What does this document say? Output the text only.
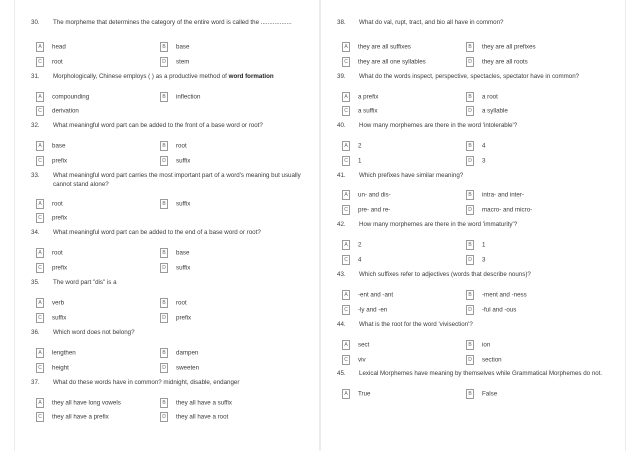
30.	The morpheme that determines the category of the entire word is called the ..................
A head	B base
C root	D stem
31.	Morphologically, Chinese employs ( ) as a productive method of word formation
A compounding	B inflection
C derivation
32.	What meaningful word part can be added to the front of a base word or root?
A base	B root
C prefix	D suffix
33.	What meaningful word part carries the most important part of a word's meaning but usually cannot stand alone?
A root	B suffix
C prefix
34.	What meaningful word part can be added to the end of a base word or root?
A root	B base
C prefix	D suffix
35.	The word part "dis" is a
A verb	B root
C suffix	D prefix
36.	Which word does not belong?
A lengthen	B dampen
C height	D sweeten
37.	What do these words have in common? midnight, disable, endanger
A they all have long vowels	B they all have a suffix
C they all have a prefix	D they all have a root
38.	What do val, rupt, tract, and bio all have in common?
A they are all suffixes	B they are all prefixes
C they are all one syllables	D they are all roots
39.	What do the words inspect, perspective, spectacles, spectator have in common?
A a prefix	B a root
C a suffix	D a syllable
40.	How many morphemes are there in the word 'intolerable'?
A 2	B 4
C 1	D 3
41.	Which prefixes have similar meaning?
A un- and dis-	B intra- and inter-
C pre- and re-	D macro- and micro-
42.	How many morphemes are there in the word 'immaturity'?
A 2	B 1
C 4	D 3
43.	Which suffixes refer to adjectives (words that describe nouns)?
A -ent and -ant	B -ment and -ness
C -ly and -en	D -ful and -ous
44.	What is the root for the word 'vivisection'?
A sect	B ion
C viv	D section
45.	Lexical Morphemes have meaning by themselves while Grammatical Morphemes do not.
A True	B False
